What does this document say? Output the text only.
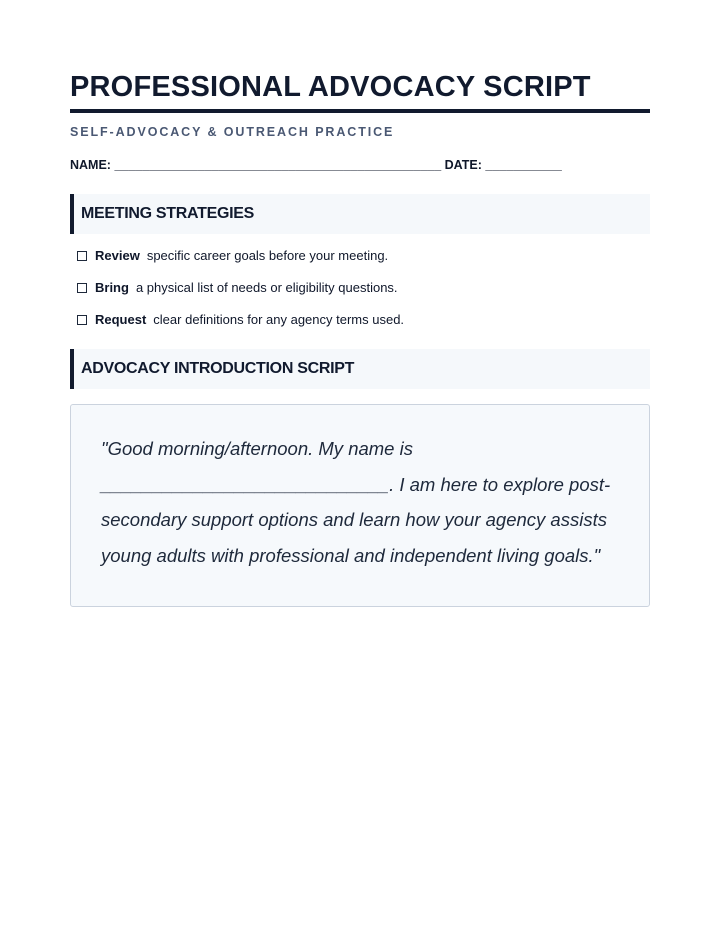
PROFESSIONAL ADVOCACY SCRIPT
SELF-ADVOCACY & OUTREACH PRACTICE
NAME: _______________________________________________ DATE: ___________
MEETING STRATEGIES
Review specific career goals before your meeting.
Bring a physical list of needs or eligibility questions.
Request clear definitions for any agency terms used.
ADVOCACY INTRODUCTION SCRIPT

"Good morning/afternoon. My name is ____________________________. I am here to explore post-secondary support options and learn how your agency assists young adults with professional and independent living goals."
